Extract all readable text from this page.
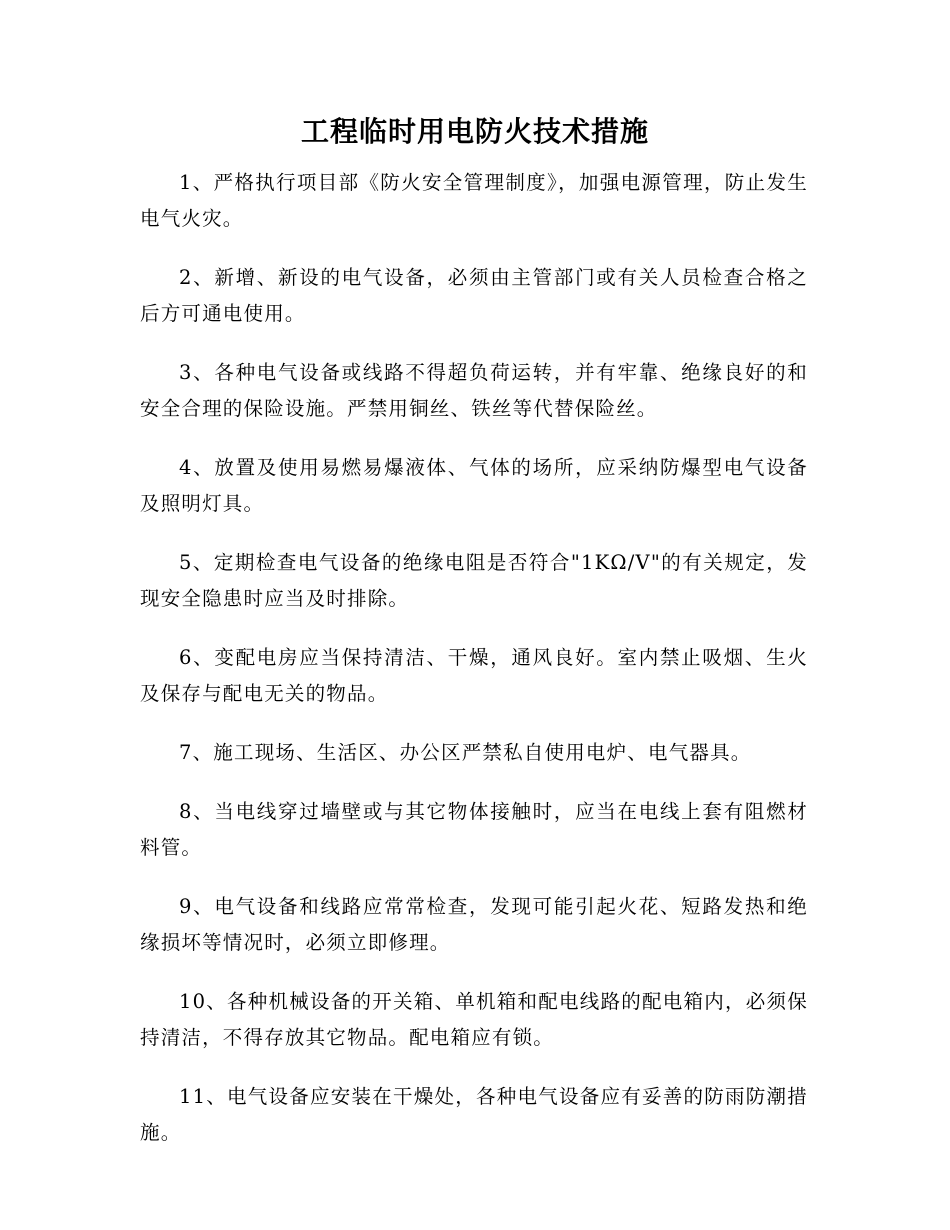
工程临时用电防火技术措施

1、严格执行项目部《防火安全管理制度》，加强电源管理，防止发生电气火灾。

2、新增、新设的电气设备，必须由主管部门或有关人员检查合格之后方可通电使用。

3、各种电气设备或线路不得超负荷运转，并有牢靠、绝缘良好的和安全合理的保险设施。严禁用铜丝、铁丝等代替保险丝。

4、放置及使用易燃易爆液体、气体的场所，应采纳防爆型电气设备及照明灯具。

5、定期检查电气设备的绝缘电阻是否符合"1KΩ/V"的有关规定，发现安全隐患时应当及时排除。

6、变配电房应当保持清洁、干燥，通风良好。室内禁止吸烟、生火及保存与配电无关的物品。

7、施工现场、生活区、办公区严禁私自使用电炉、电气器具。

8、当电线穿过墙壁或与其它物体接触时，应当在电线上套有阻燃材料管。

9、电气设备和线路应常常检查，发现可能引起火花、短路发热和绝缘损坏等情况时，必须立即修理。

10、各种机械设备的开关箱、单机箱和配电线路的配电箱内，必须保持清洁，不得存放其它物品。配电箱应有锁。

11、电气设备应安装在干燥处，各种电气设备应有妥善的防雨防潮措施。
